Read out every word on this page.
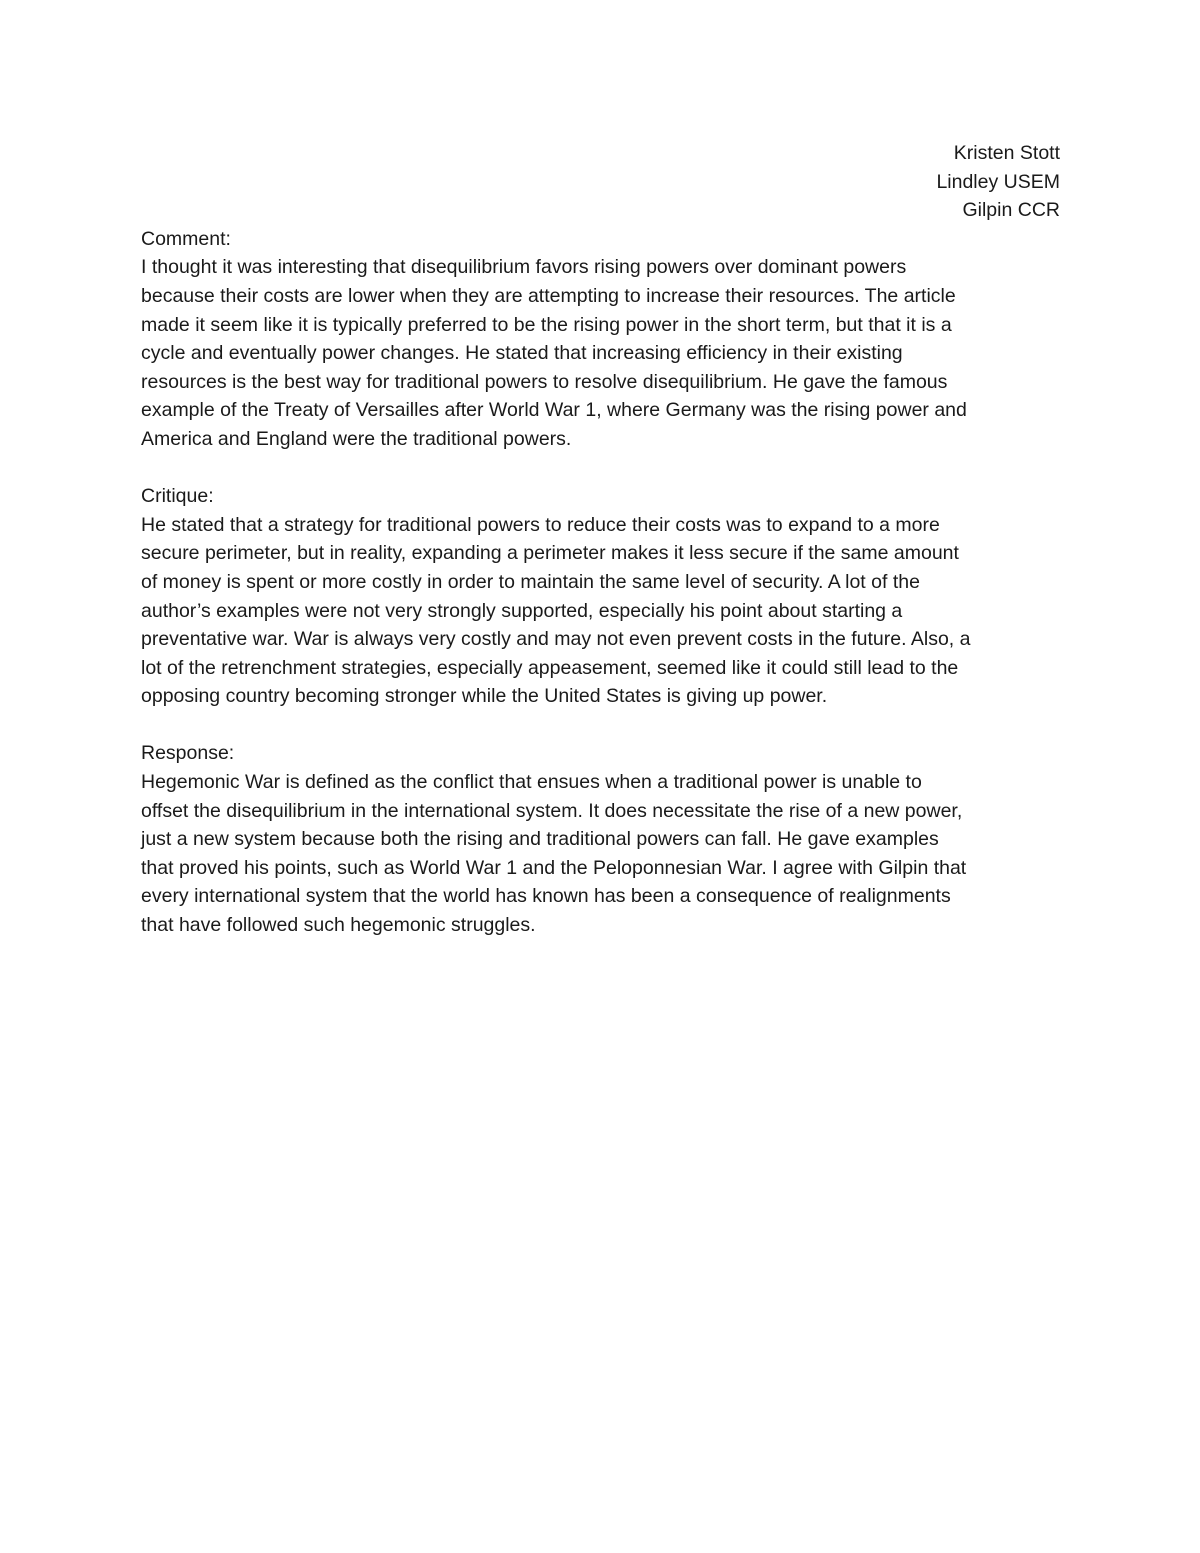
Kristen Stott
Lindley USEM
Gilpin CCR
Comment:
I thought it was interesting that disequilibrium favors rising powers over dominant powers
because their costs are lower when they are attempting to increase their resources. The article
made it seem like it is typically preferred to be the rising power in the short term, but that it is a
cycle and eventually power changes. He stated that increasing efficiency in their existing
resources is the best way for traditional powers to resolve disequilibrium. He gave the famous
example of the Treaty of Versailles after World War 1, where Germany was the rising power and
America and England were the traditional powers.
Critique:
He stated that a strategy for traditional powers to reduce their costs was to expand to a more
secure perimeter, but in reality, expanding a perimeter makes it less secure if the same amount
of money is spent or more costly in order to maintain the same level of security. A lot of the
author’s examples were not very strongly supported, especially his point about starting a
preventative war. War is always very costly and may not even prevent costs in the future. Also, a
lot of the retrenchment strategies, especially appeasement, seemed like it could still lead to the
opposing country becoming stronger while the United States is giving up power.
Response:
Hegemonic War is defined as the conflict that ensues when a traditional power is unable to
offset the disequilibrium in the international system. It does necessitate the rise of a new power,
just a new system because both the rising and traditional powers can fall. He gave examples
that proved his points, such as World War 1 and the Peloponnesian War. I agree with Gilpin that
every international system that the world has known has been a consequence of realignments
that have followed such hegemonic struggles.
